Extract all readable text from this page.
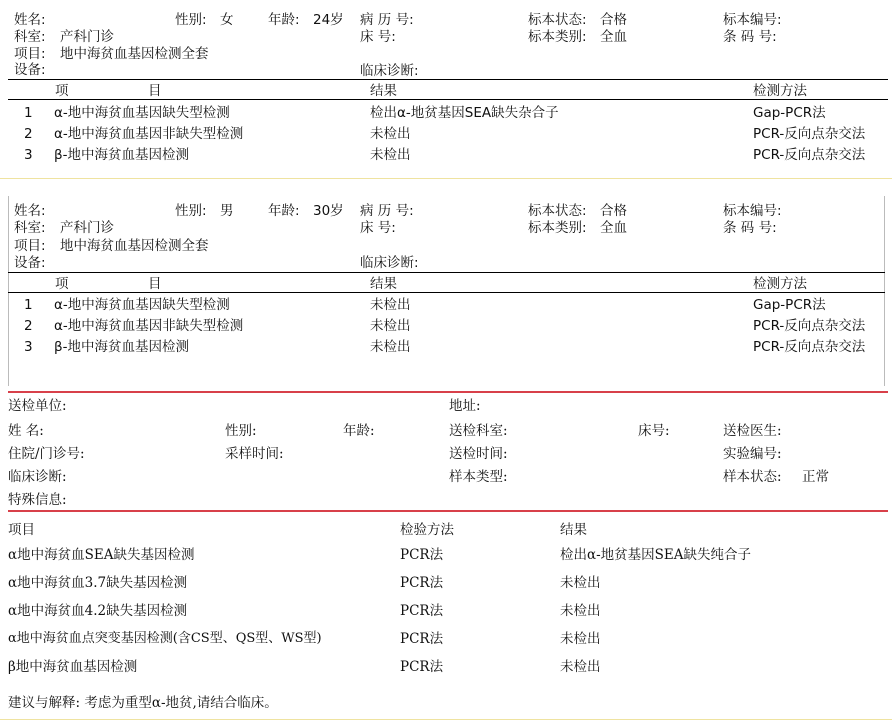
姓名:	性别: 女	年龄: 24岁 病 历 号:	标本状态: 合格	标本编号:
科室: 产科门诊	床 号:	标本类别: 全血	条 码 号:
项目: 地中海贫血基因检测全套
设备:	临床诊断:
项	目	结果	检测方法
1 α-地中海贫血基因缺失型检测	检出α-地贫基因SEA缺失杂合子	Gap-PCR法
2 α-地中海贫血基因非缺失型检测	未检出	PCR-反向点杂交法
3 β-地中海贫血基因检测	未检出	PCR-反向点杂交法
姓名:	性别: 男	年龄: 30岁 病 历 号:	标本状态: 合格	标本编号:
科室: 产科门诊	床 号:	标本类别: 全血	条 码 号:
项目: 地中海贫血基因检测全套
设备:	临床诊断:
项	目	结果	检测方法
1 α-地中海贫血基因缺失型检测	未检出	Gap-PCR法
2 α-地中海贫血基因非缺失型检测	未检出	PCR-反向点杂交法
3 β-地中海贫血基因检测	未检出	PCR-反向点杂交法
送检单位:	地址:
姓 名:	性别:	年龄:	送检科室:	床号:	送检医生:
住院/门诊号:	采样时间:	送检时间:	实验编号:
临床诊断:	样本类型:	样本状态: 正常
特殊信息:
项目	检验方法	结果
α地中海贫血SEA缺失基因检测	PCR法	检出α-地贫基因SEA缺失纯合子
α地中海贫血3.7缺失基因检测	PCR法	未检出
α地中海贫血4.2缺失基因检测	PCR法	未检出
α地中海贫血点突变基因检测(含CS型、QS型、WS型)	PCR法	未检出
β地中海贫血基因检测	PCR法	未检出
建议与解释: 考虑为重型α-地贫,请结合临床。
